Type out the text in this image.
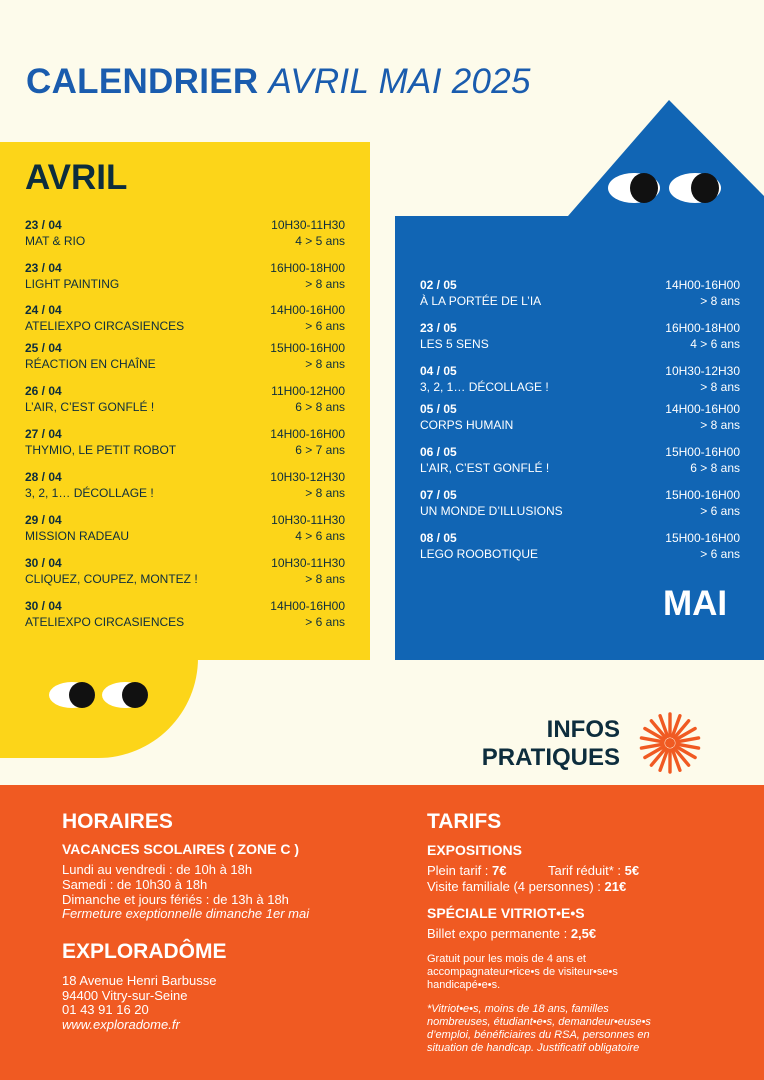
CALENDRIER AVRIL MAI 2025
AVRIL
23 / 04
MAT & RIO
10H30-11H30
4 > 5 ans
23 / 04
LIGHT PAINTING
16H00-18H00
> 8 ans
24 / 04
ATELIEXPO CIRCASIENCES
14H00-16H00
> 6 ans
25 / 04
RÉACTION EN CHAÎNE
15H00-16H00
> 8 ans
26 / 04
L’AIR, C’EST GONFLÉ !
11H00-12H00
6 > 8 ans
27 / 04
THYMIO, LE PETIT ROBOT
14H00-16H00
6 > 7 ans
28 / 04
3, 2, 1… DÉCOLLAGE !
10H30-12H30
> 8 ans
29 / 04
MISSION RADEAU
10H30-11H30
4 > 6 ans
30 / 04
CLIQUEZ, COUPEZ, MONTEZ !
10H30-11H30
> 8 ans
30 / 04
ATELIEXPO CIRCASIENCES
14H00-16H00
> 6 ans
02 / 05
À LA PORTÉE DE L’IA
14H00-16H00
> 8 ans
23 / 05
LES 5 SENS
16H00-18H00
4 > 6 ans
04 / 05
3, 2, 1… DÉCOLLAGE !
10H30-12H30
> 8 ans
05 / 05
CORPS HUMAIN
14H00-16H00
> 8 ans
06 / 05
L’AIR, C’EST GONFLÉ !
15H00-16H00
6 > 8 ans
07 / 05
UN MONDE D’ILLUSIONS
15H00-16H00
> 6 ans
08 / 05
LEGO ROOBOTIQUE
15H00-16H00
> 6 ans
MAI
INFOS
PRATIQUES
HORAIRES
VACANCES SCOLAIRES ( ZONE C )
Lundi au vendredi : de 10h à 18h
Samedi : de 10h30 à 18h
Dimanche et jours fériés : de 13h à 18h
Fermeture exeptionnelle dimanche 1er mai
EXPLORADÔME
18 Avenue Henri Barbusse
94400 Vitry-sur-Seine
01 43 91 16 20
www.exploradome.fr
TARIFS
EXPOSITIONS
Plein tarif : 7€	Tarif réduit* : 5€
Visite familiale (4 personnes) : 21€
SPÉCIALE VITRIOT•E•S
Billet expo permanente : 2,5€
Gratuit pour les mois de 4 ans et
accompagnateur•rice•s de visiteur•se•s
handicapé•e•s.
*Vitriot•e•s, moins de 18 ans, familles
nombreuses, étudiant•e•s, demandeur•euse•s
d’emploi, bénéficiaires du RSA, personnes en
situation de handicap. Justificatif obligatoire
